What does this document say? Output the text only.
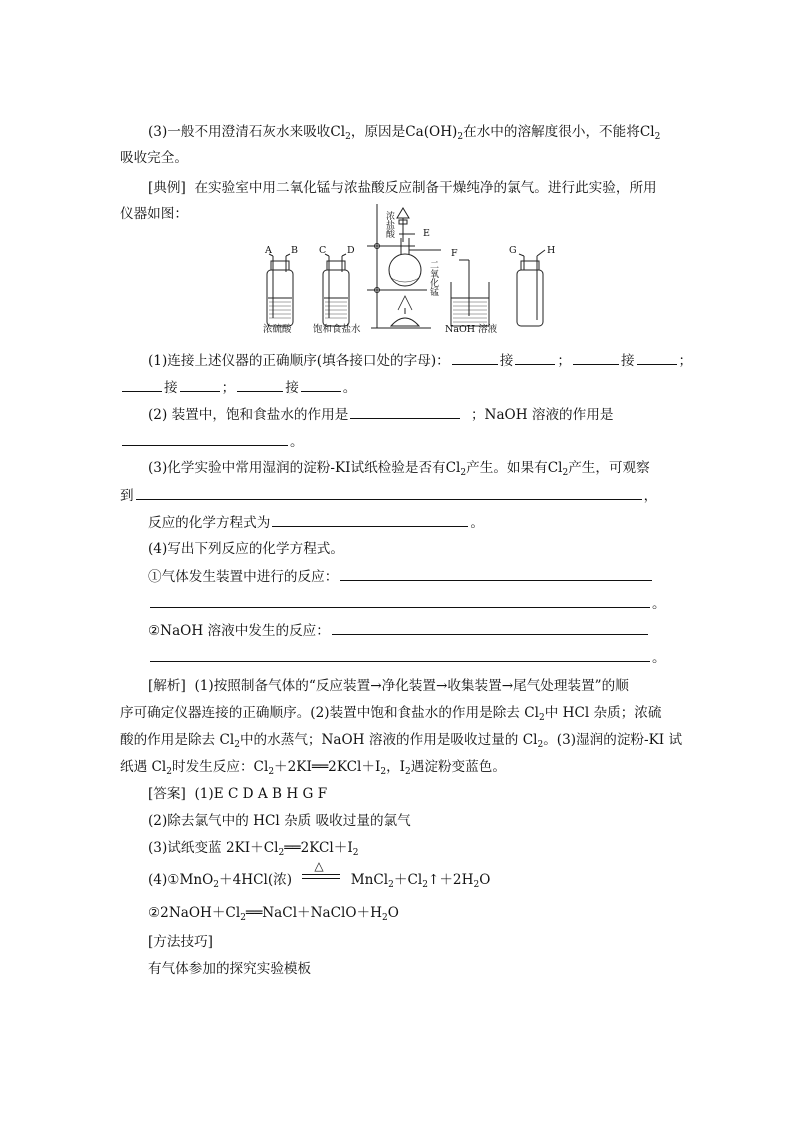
(3)一般不用澄清石灰水来吸收$Cl_2$，原因是$Ca(OH)_2$在水中的溶解度很小，不能将$Cl_2$
吸收完全。
[典例] 在实验室中用二氧化锰与浓盐酸反应制备干燥纯净的氯气。进行此实验，所用
仪器如图：
A B C D
E
F	G	H
浓盐酸
二氧化锰
浓硫酸 饱和食盐水	NaOH 溶液
(1)连接上述仪器的正确顺序(填各接口处的字母)：	接	；	接	；
接	；	接	。
(2) 装置中，饱和食盐水的作用是	；NaOH 溶液的作用是
。
(3)化学实验中常用湿润的淀粉-KI试纸检验是否有$Cl_2$产生。如果有$Cl_2$产生，可观察
到	，
反应的化学方程式为	。
(4)写出下列反应的化学方程式。
①气体发生装置中进行的反应：
。
②NaOH 溶液中发生的反应：
。
[解析] (1)按照制备气体的“反应装置→净化装置→收集装置→尾气处理装置”的顺
序可确定仪器连接的正确顺序。(2)装置中饱和食盐水的作用是除去 $Cl_2$中 HCl 杂质；浓硫
酸的作用是除去 $Cl_2$中的水蒸气；NaOH 溶液的作用是吸收过量的 $Cl_2$。(3)湿润的淀粉-KI 试
纸遇 $Cl_2$时发生反应：$Cl_2+2KI══2KCl+I_2$，$I_2$遇淀粉变蓝色。
[答案] (1)E C D A B H G F
(2)除去氯气中的 HCl 杂质 吸收过量的氯气
(3)试纸变蓝 $2KI+Cl_2══2KCl+I_2$
(4)①MnO$_2$＋4HCl(浓)
△
$MnCl_2+Cl_2↑+2H_2O$
$②2NaOH+Cl_2══NaCl+NaClO+H_2O$
[方法技巧]
有气体参加的探究实验模板
